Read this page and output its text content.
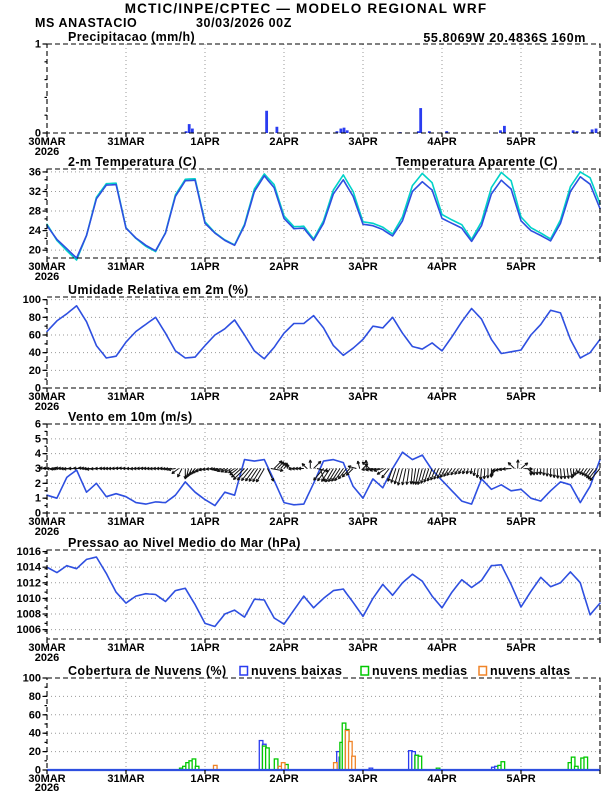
MCTIC/INPE/CPTEC — MODELO REGIONAL WRF
MS ANASTACIO	30/03/2026 00Z
55.8069W 20.4836S 160m
0
1
30MAR	31MAR	1APR	2APR	3APR	4APR	5APR
2026
Precipitacao (mm/h)
20
24
28
32
36
30MAR	31MAR	1APR	2APR	3APR	4APR	5APR
2026
2-m Temperatura (C)	Temperatura Aparente (C)
0
20
40
60
80
100
30MAR	31MAR	1APR	2APR	3APR	4APR	5APR
2026
Umidade Relativa em 2m (%)
0
1
2
3
4
5
6
30MAR	31MAR	1APR	2APR	3APR	4APR	5APR
2026
Vento em 10m (m/s)
1006
1008
1010
1012
1014
1016
30MAR	31MAR	1APR	2APR	3APR	4APR	5APR
2026
Pressao ao Nivel Medio do Mar (hPa)
0
20
40
60
80
100
30MAR	31MAR	1APR	2APR	3APR	4APR	5APR
2026
Cobertura de Nuvens (%) nuvens baixas nuvens medias nuvens altas
